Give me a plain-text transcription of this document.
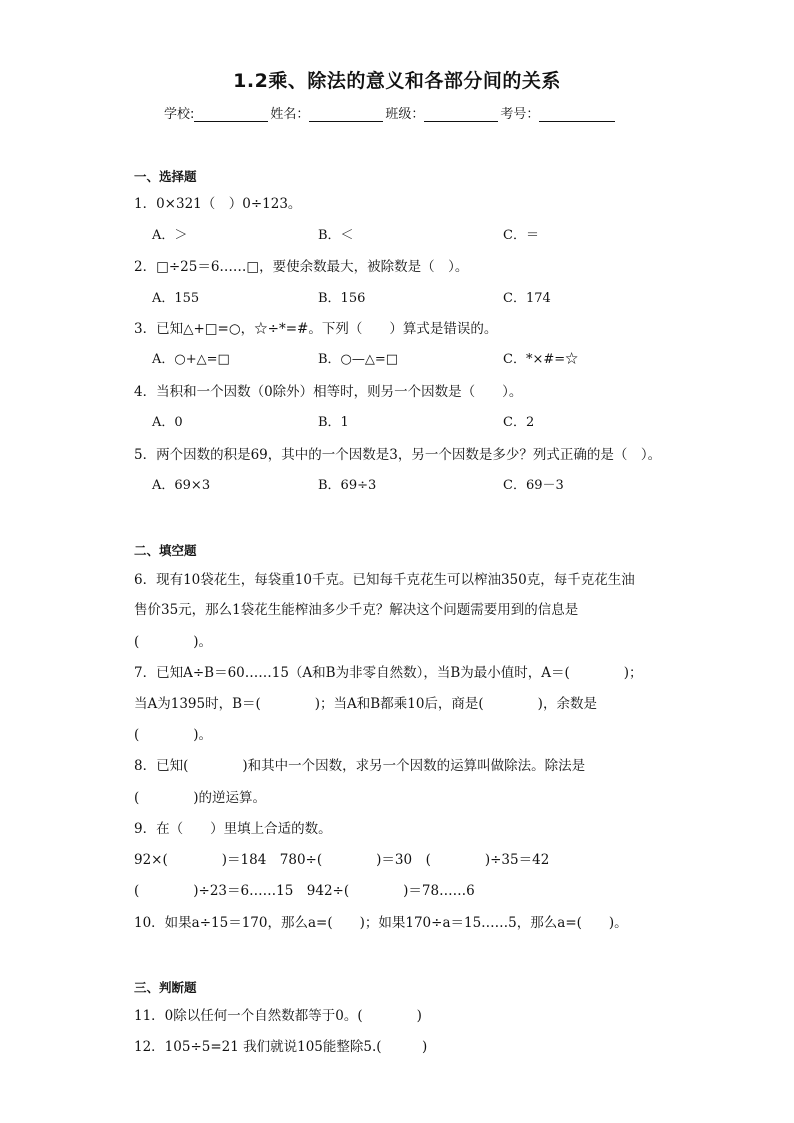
1.2乘、除法的意义和各部分间的关系
学校:	姓名：	班级：	考号：
一、选择题
1．0×321（　）0÷123。
A．＞	B．＜	C．＝
2．□÷25＝6……□，要使余数最大，被除数是（　）。
A．155	B．156	C．174
3．已知△+□=○，☆÷*=#。下列（　　）算式是错误的。
A．○+△=□	B．○—△=□	C．*×#=☆
4．当积和一个因数（0除外）相等时，则另一个因数是（　　）。
A．0	B．1	C．2
5．两个因数的积是69，其中的一个因数是3，另一个因数是多少？列式正确的是（　）。
A．69×3	B．69÷3	C．69－3
二、填空题
6．现有10袋花生，每袋重10千克。已知每千克花生可以榨油350克，每千克花生油
售价35元，那么1袋花生能榨油多少千克？解决这个问题需要用到的信息是
(　　　　)。
7．已知A÷B＝60……15（A和B为非零自然数），当B为最小值时，A＝(　　　　)；
当A为1395时，B＝(　　　　)；当A和B都乘10后，商是(　　　　)，余数是
(　　　　)。
8．已知(　　　　)和其中一个因数，求另一个因数的运算叫做除法。除法是
(　　　　)的逆运算。
9．在（　　）里填上合适的数。
92×(　　　　)＝184　780÷(　　　　)＝30　(　　　　)÷35＝42
(　　　　)÷23＝6……15　942÷(　　　　)＝78……6
10．如果a÷15＝170，那么a=(　　)；如果170÷a＝15……5，那么a=(　　)。
三、判断题
11．0除以任何一个自然数都等于0。(　　　　)
12．105÷5=21 我们就说105能整除5.(　　　)
